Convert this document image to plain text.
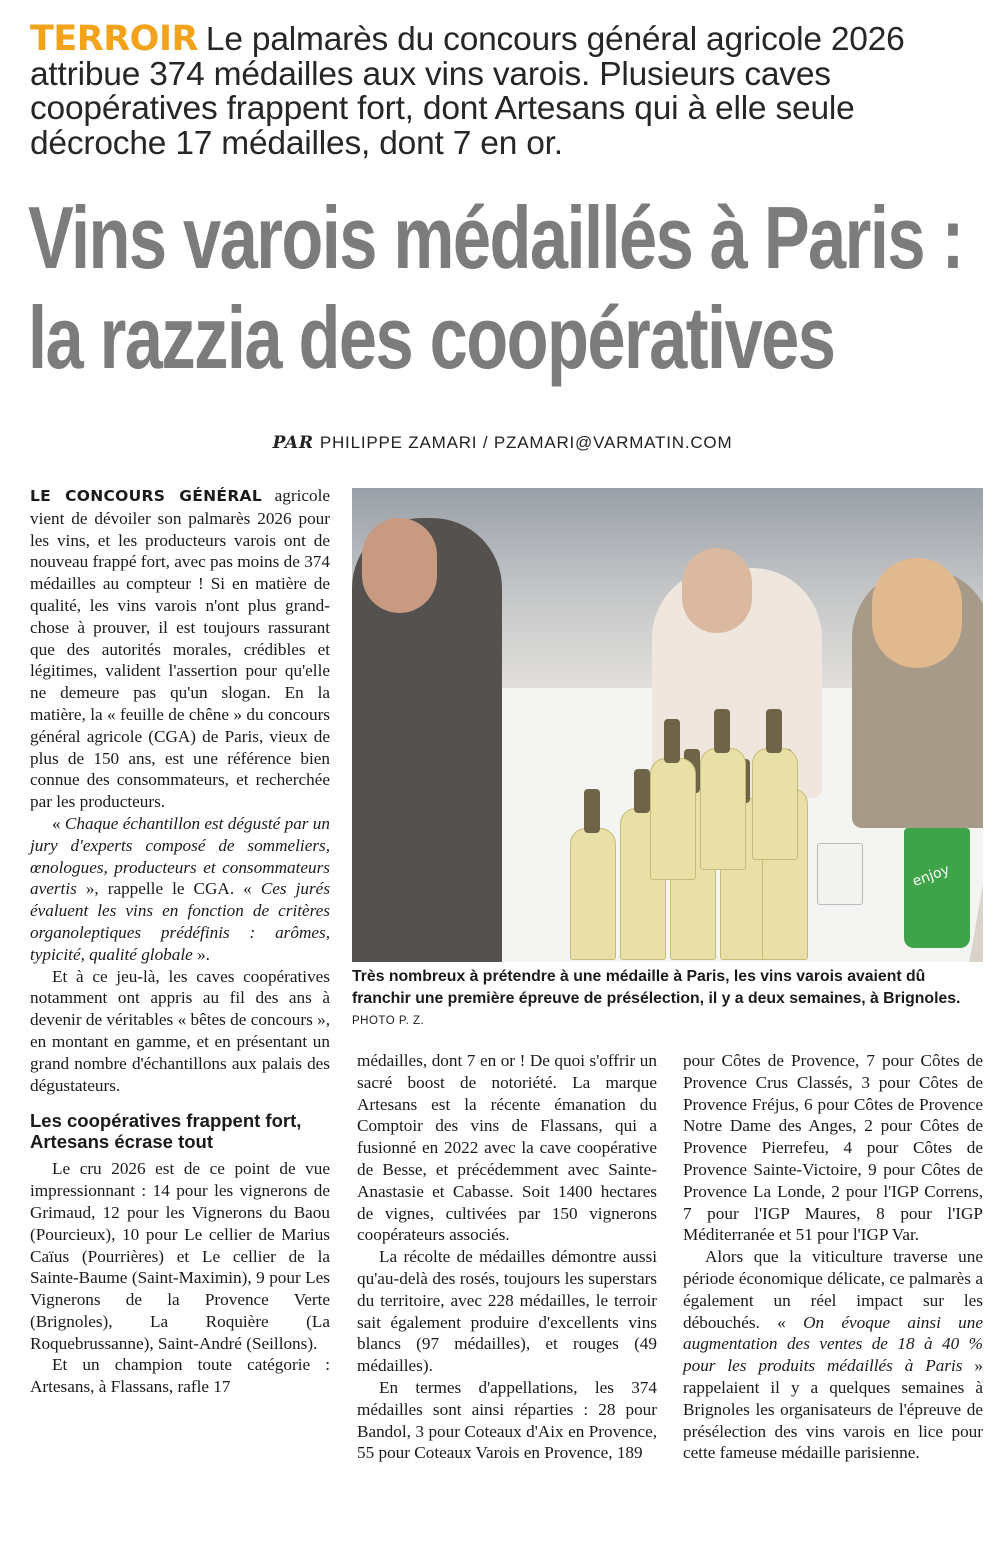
TERROIR Le palmarès du concours général agricole 2026 attribue 374 médailles aux vins varois. Plusieurs caves coopératives frappent fort, dont Artesans qui à elle seule décroche 17 médailles, dont 7 en or.
Vins varois médaillés à Paris :
la razzia des coopératives
PAR PHILIPPE ZAMARI / PZAMARI@VARMATIN.COM

LE CONCOURS GÉNÉRAL agricole vient de dévoiler son palmarès 2026 pour les vins, et les producteurs varois ont de nouveau frappé fort, avec pas moins de 374 médailles au compteur ! Si en matière de qualité, les vins varois n'ont plus grand-chose à prouver, il est toujours rassurant que des autorités morales, crédibles et légitimes, valident l'assertion pour qu'elle ne demeure pas qu'un slogan. En la matière, la « feuille de chêne » du concours général agricole (CGA) de Paris, vieux de plus de 150 ans, est une référence bien connue des consommateurs, et recherchée par les producteurs.

« Chaque échantillon est dégusté par un jury d'experts composé de sommeliers, œnologues, producteurs et consommateurs avertis », rappelle le CGA. « Ces jurés évaluent les vins en fonction de critères organoleptiques prédéfinis : arômes, typicité, qualité globale ».

Et à ce jeu-là, les caves coopératives notamment ont appris au fil des ans à devenir de véritables « bêtes de concours », en montant en gamme, et en présentant un grand nombre d'échantillons aux palais des dégustateurs.

Les coopératives frappent fort, Artesans écrase tout

Le cru 2026 est de ce point de vue impressionnant : 14 pour les vignerons de Grimaud, 12 pour les Vignerons du Baou (Pourcieux), 10 pour Le cellier de Marius Caïus (Pourrières) et Le cellier de la Sainte-Baume (Saint-Maximin), 9 pour Les Vignerons de la Provence Verte (Brignoles), La Roquière (La Roquebrussanne), Saint-André (Seillons).

Et un champion toute catégorie : Artesans, à Flassans, rafle 17

enjoy
Très nombreux à prétendre à une médaille à Paris, les vins varois avaient dû franchir une première épreuve de présélection, il y a deux semaines, à Brignoles. PHOTO P. Z.

médailles, dont 7 en or ! De quoi s'offrir un sacré boost de notoriété. La marque Artesans est la récente émanation du Comptoir des vins de Flassans, qui a fusionné en 2022 avec la cave coopérative de Besse, et précédemment avec Sainte-Anastasie et Cabasse. Soit 1400 hectares de vignes, cultivées par 150 vignerons coopérateurs associés.

La récolte de médailles démontre aussi qu'au-delà des rosés, toujours les superstars du territoire, avec 228 médailles, le terroir sait également produire d'excellents vins blancs (97 médailles), et rouges (49 médailles).

En termes d'appellations, les 374 médailles sont ainsi réparties : 28 pour Bandol, 3 pour Coteaux d'Aix en Provence, 55 pour Coteaux Varois en Provence, 189

pour Côtes de Provence, 7 pour Côtes de Provence Crus Classés, 3 pour Côtes de Provence Fréjus, 6 pour Côtes de Provence Notre Dame des Anges, 2 pour Côtes de Provence Pierrefeu, 4 pour Côtes de Provence Sainte-Victoire, 9 pour Côtes de Provence La Londe, 2 pour l'IGP Correns, 7 pour l'IGP Maures, 8 pour l'IGP Méditerranée et 51 pour l'IGP Var.

Alors que la viticulture traverse une période économique délicate, ce palmarès a également un réel impact sur les débouchés. « On évoque ainsi une augmentation des ventes de 18 à 40 % pour les produits médaillés à Paris » rappelaient il y a quelques semaines à Brignoles les organisateurs de l'épreuve de présélection des vins varois en lice pour cette fameuse médaille parisienne.
